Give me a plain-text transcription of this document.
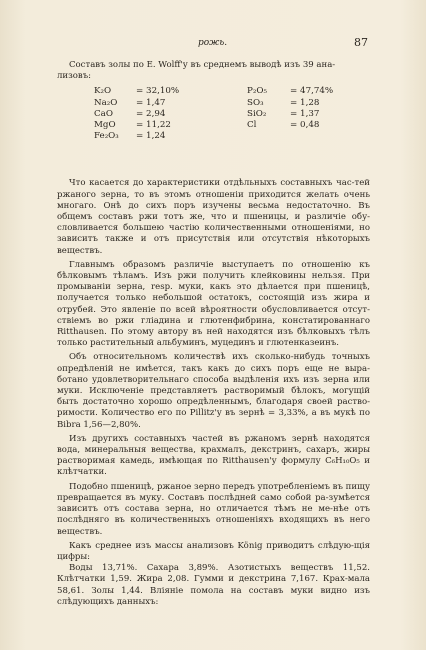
рожь.	87

Составъ золы по E. Wolff'у въ среднемъ выводѣ изъ 39 ана-

лизовъ:

K₂O
Na₂O
CaO
MgO
Fe₂O₃
= 32,10%
= 1,47
= 2,94
= 11,22
= 1,24
P₂O₅
SO₃
SiO₂
Cl
= 47,74%
= 1,28
= 1,37
= 0,48

Что касается до характеристики отдѣльныхъ составныхъ час-тей ржаного зерна, то въ этомъ отношеніи приходится желать очень многаго. Онѣ до сихъ поръ изучены весьма недостаточно. Въ общемъ составъ ржи тотъ же, что и пшеницы, и различіе обу-словливается большею частію количественными отношеніями, но зависитъ также и отъ присутствія или отсутствія нѣкоторыхъ веществъ.

Главнымъ образомъ различіе выступаетъ по отношенію къ бѣлковымъ тѣламъ. Изъ ржи получить клейковины нельзя. При промываніи зерна, resp. муки, какъ это дѣлается при пшеницѣ, получается только небольшой остатокъ, состоящій изъ жира и отрубей. Это явленіе по всей вѣроятности обусловливается отсут-ствіемъ во ржи гліадина и глютенфибрина, констатированнаго Ritthausen. По этому автору въ ней находятся изъ бѣлковыхъ тѣлъ только растительный альбуминъ, муцединъ и глютенказеинъ.

Объ относительномъ количествѣ ихъ сколько-нибудь точныхъ опредѣленій не имѣется, такъ какъ до сихъ поръ еще не выра-ботано удовлетворительнаго способа выдѣленія ихъ изъ зерна или муки. Исключеніе представляетъ растворимый бѣлокъ, могущій быть достаточно хорошо опредѣленнымъ, благодаря своей раство-римости. Количество его по Pillitz'у въ зернѣ = 3,33%, а въ мукѣ по Bibra 1,56—2,80%.

Изъ другихъ составныхъ частей въ ржаномъ зернѣ находятся вода, минеральныя вещества, крахмалъ, декстринъ, сахаръ, жиры растворимая камедь, имѣющая по Ritthausen'у формулу C₆H₁₀O₅ и клѣтчатки.

Подобно пшеницѣ, ржаное зерно передъ употребленіемъ въ пищу превращается въ муку. Составъ послѣдней само собой ра-зумѣется зависитъ отъ состава зерна, но отличается тѣмъ не ме-нѣе отъ послѣдняго въ количественныхъ отношеніяхъ входящихъ въ него веществъ.

Какъ среднее изъ массы анализовъ König приводитъ слѣдую-щія цифры:

Воды 13,71%. Сахара 3,89%. Азотистыхъ веществъ 11,52. Клѣтчатки 1,59. Жира 2,08. Гумми и декстрина 7,167. Крах-мала 58,61. Золы 1,44. Вліяніе помола на составъ муки видно изъ слѣдующихъ данныхъ:
